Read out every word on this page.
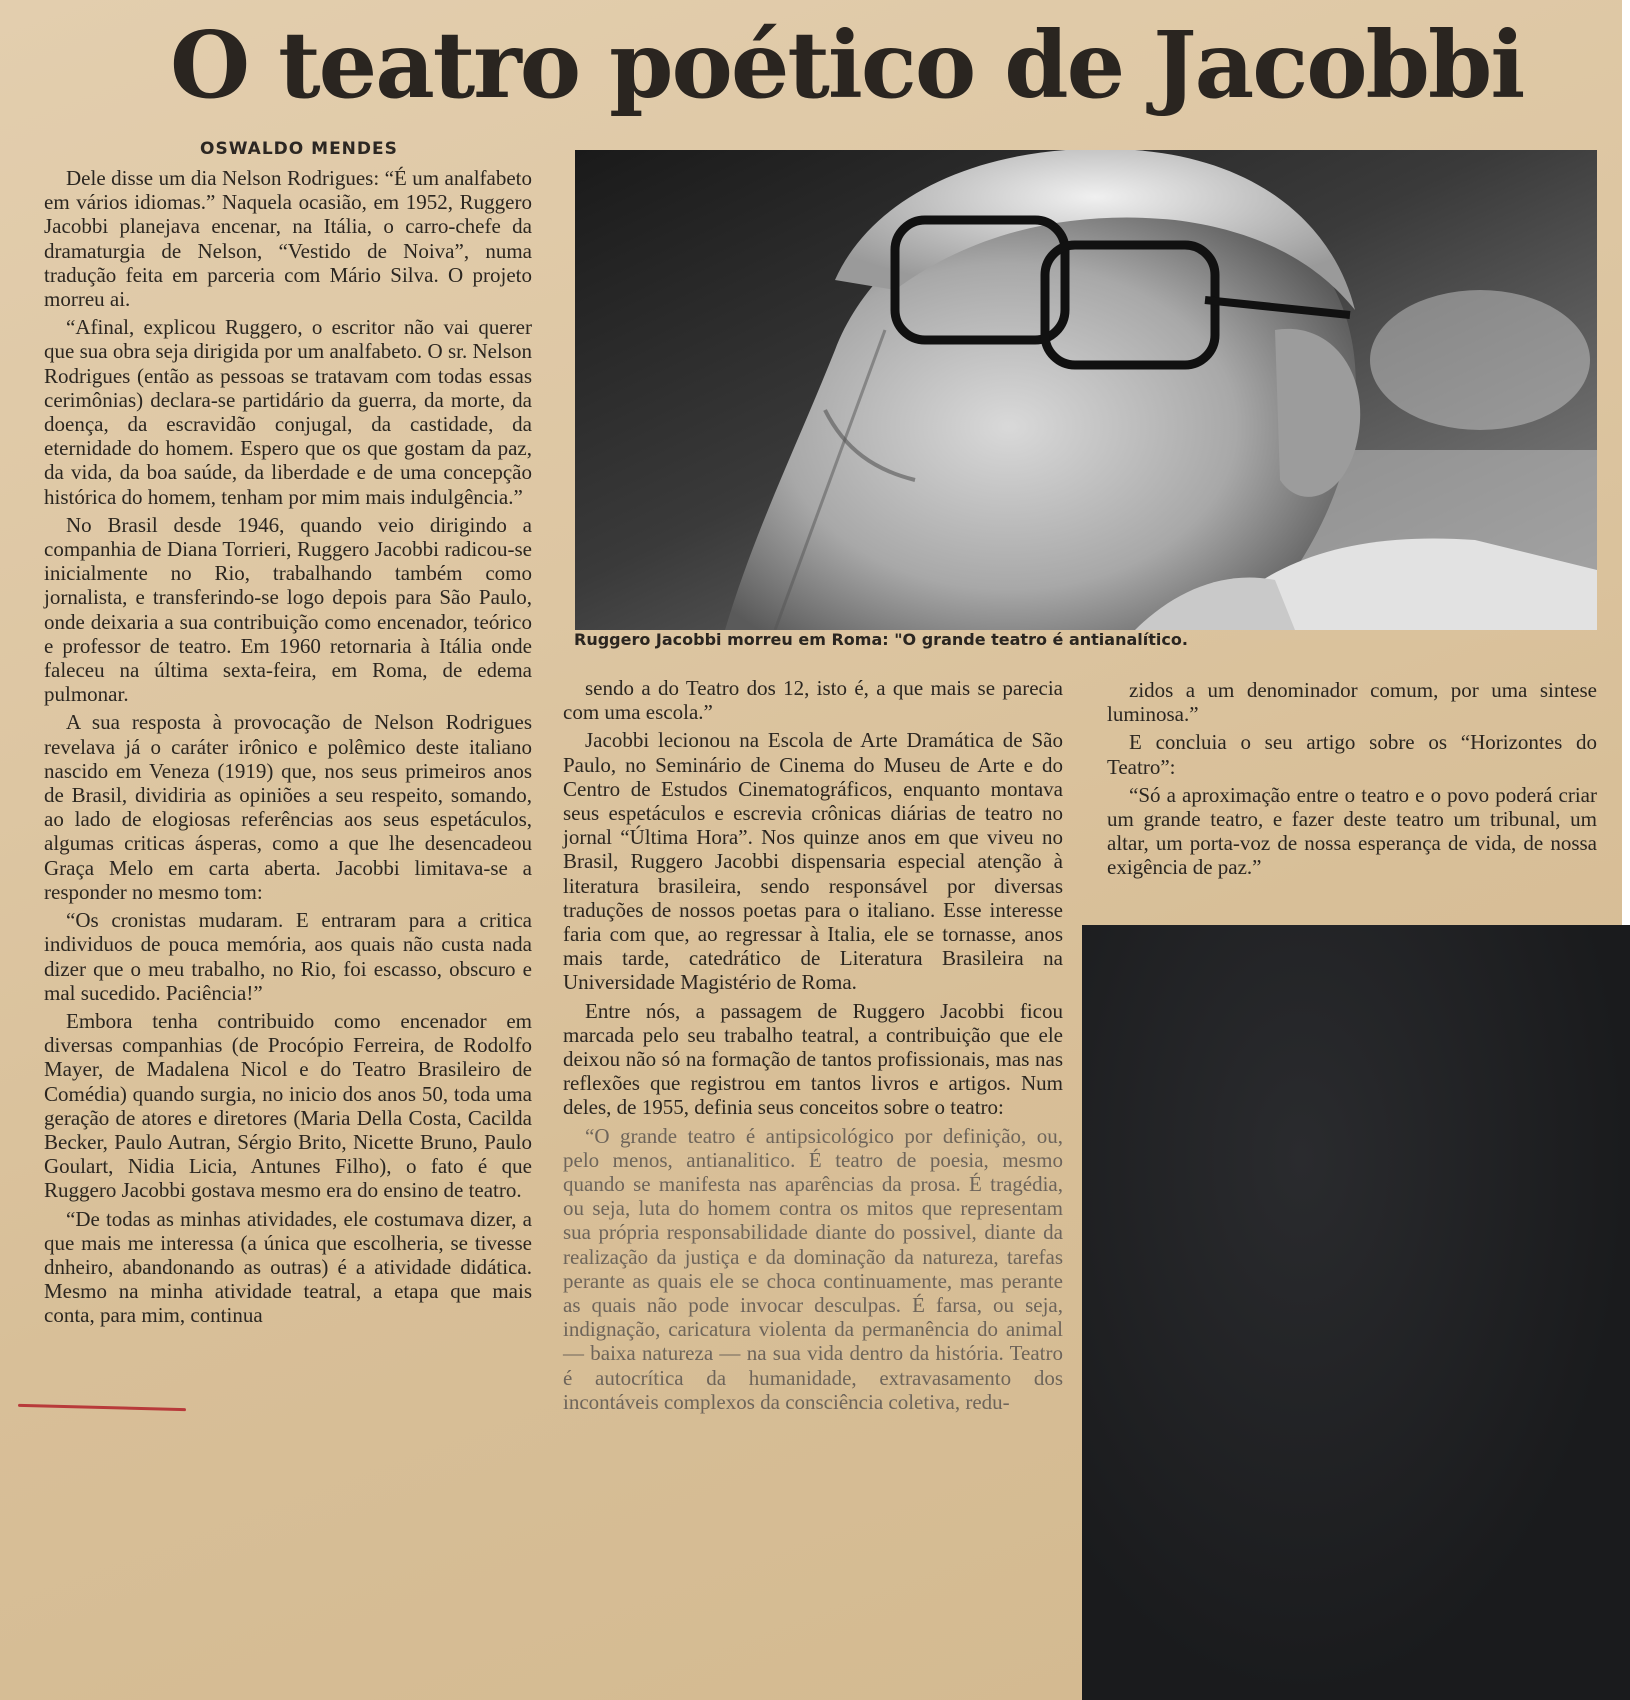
O teatro poético de Jacobbi
OSWALDO MENDES
Ruggero Jacobbi morreu em Roma: "O grande teatro é antianalítico.

Dele disse um dia Nelson Rodrigues: “É um analfabeto em vários idiomas.” Naquela ocasião, em 1952, Ruggero Jacobbi planejava encenar, na Itália, o carro-chefe da dramaturgia de Nelson, “Vestido de Noiva”, numa tradução feita em parceria com Mário Silva. O projeto morreu ai.

“Afinal, explicou Ruggero, o escritor não vai querer que sua obra seja dirigida por um analfabeto. O sr. Nelson Rodrigues (então as pessoas se tratavam com todas essas cerimônias) declara-se partidário da guerra, da morte, da doença, da escravidão conjugal, da castidade, da eternidade do homem. Espero que os que gostam da paz, da vida, da boa saúde, da liberdade e de uma concepção histórica do homem, tenham por mim mais indulgência.”

No Brasil desde 1946, quando veio dirigindo a companhia de Diana Torrieri, Ruggero Jacobbi radicou-se inicialmente no Rio, trabalhando também como jornalista, e transferindo-se logo depois para São Paulo, onde deixaria a sua contribuição como encenador, teórico e professor de teatro. Em 1960 retornaria à Itália onde faleceu na última sexta-feira, em Roma, de edema pulmonar.

A sua resposta à provocação de Nelson Rodrigues revelava já o caráter irônico e polêmico deste italiano nascido em Veneza (1919) que, nos seus primeiros anos de Brasil, dividiria as opiniões a seu respeito, somando, ao lado de elogiosas referências aos seus espetáculos, algumas criticas ásperas, como a que lhe desencadeou Graça Melo em carta aberta. Jacobbi limitava-se a responder no mesmo tom:

“Os cronistas mudaram. E entraram para a critica individuos de pouca memória, aos quais não custa nada dizer que o meu trabalho, no Rio, foi escasso, obscuro e mal sucedido. Paciência!”

Embora tenha contribuido como encenador em diversas companhias (de Procópio Ferreira, de Rodolfo Mayer, de Madalena Nicol e do Teatro Brasileiro de Comédia) quando surgia, no inicio dos anos 50, toda uma geração de atores e diretores (Maria Della Costa, Cacilda Becker, Paulo Autran, Sérgio Brito, Nicette Bruno, Paulo Goulart, Nidia Licia, Antunes Filho), o fato é que Ruggero Jacobbi gostava mesmo era do ensino de teatro.

“De todas as minhas atividades, ele costumava dizer, a que mais me interessa (a única que escolheria, se tivesse dnheiro, abandonando as outras) é a atividade didática. Mesmo na minha atividade teatral, a etapa que mais conta, para mim, continua

sendo a do Teatro dos 12, isto é, a que mais se parecia com uma escola.”

Jacobbi lecionou na Escola de Arte Dramática de São Paulo, no Seminário de Cinema do Museu de Arte e do Centro de Estudos Cinematográficos, enquanto montava seus espetáculos e escrevia crônicas diárias de teatro no jornal “Última Hora”. Nos quinze anos em que viveu no Brasil, Ruggero Jacobbi dispensaria especial atenção à literatura brasileira, sendo responsável por diversas traduções de nossos poetas para o italiano. Esse interesse faria com que, ao regressar à Italia, ele se tornasse, anos mais tarde, catedrático de Literatura Brasileira na Universidade Magistério de Roma.

Entre nós, a passagem de Ruggero Jacobbi ficou marcada pelo seu trabalho teatral, a contribuição que ele deixou não só na formação de tantos profissionais, mas nas reflexões que registrou em tantos livros e artigos. Num deles, de 1955, definia seus conceitos sobre o teatro:

“O grande teatro é antipsicológico por definição, ou, pelo menos, antianalitico. É teatro de poesia, mesmo quando se manifesta nas aparências da prosa. É tragédia, ou seja, luta do homem contra os mitos que representam sua própria responsabilidade diante do possivel, diante da realização da justiça e da dominação da natureza, tarefas perante as quais ele se choca continuamente, mas perante as quais não pode invocar desculpas. É farsa, ou seja, indignação, caricatura violenta da permanência do animal — baixa natureza — na sua vida dentro da história. Teatro é autocrítica da humanidade, extravasamento dos incontáveis complexos da consciência coletiva, redu-

zidos a um denominador comum, por uma sintese luminosa.”

E concluia o seu artigo sobre os “Horizontes do Teatro”:

“Só a aproximação entre o teatro e o povo poderá criar um grande teatro, e fazer deste teatro um tribunal, um altar, um porta-voz de nossa esperança de vida, de nossa exigência de paz.”
